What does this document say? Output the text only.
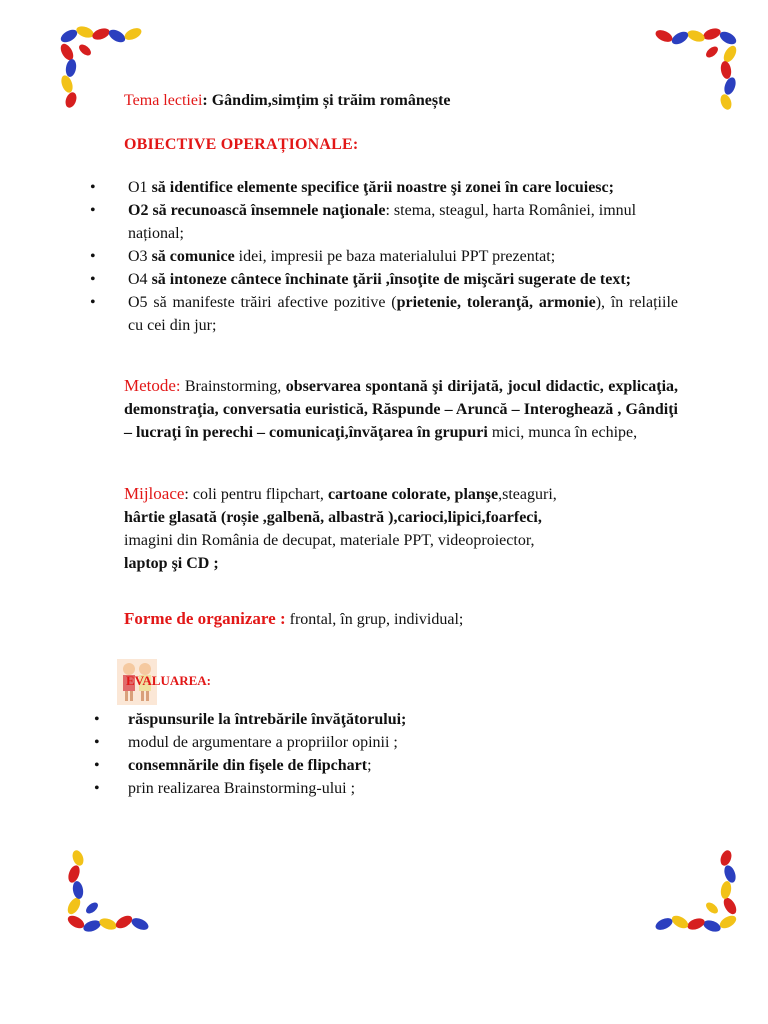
Tema lectiei: Gândim,simțim și trăim românește
OBIECTIVE OPERAȚIONALE:
•	O1 să identifice elemente specifice ţării noastre şi zonei în care locuiesc;
•	O2 să recunoască însemnele naţionale: stema, steagul, harta României, imnul național;
•	O3 să comunice idei, impresii pe baza materialului PPT prezentat;
•	O4 să intoneze cântece închinate ţării ,însoţite de mişcări sugerate de text;
•	O5 să manifeste trăiri afective pozitive (prietenie, toleranţă, armonie), în relațiile cu cei din jur;
Metode: Brainstorming, observarea spontană şi dirijată, jocul didactic, explicaţia, demonstraţia, conversatia euristică, Răspunde – Aruncă – Interoghează , Gândiţi – lucraţi în perechi – comunicaţi,învăţarea în grupuri mici, munca în echipe,
Mijloace: coli pentru flipchart, cartoane colorate, planşe,steaguri,
hârtie glasată (roșie ,galbenă, albastră ),carioci,lipici,foarfeci,
imagini din România de decupat, materiale PPT, videoproiector,
laptop şi CD ;
Forme de organizare : frontal, în grup, individual;
EVALUAREA:
• răspunsurile la întrebările învăţătorului;
• modul de argumentare a propriilor opinii ;
• consemnările din fişele de flipchart;
• prin realizarea Brainstorming-ului ;
